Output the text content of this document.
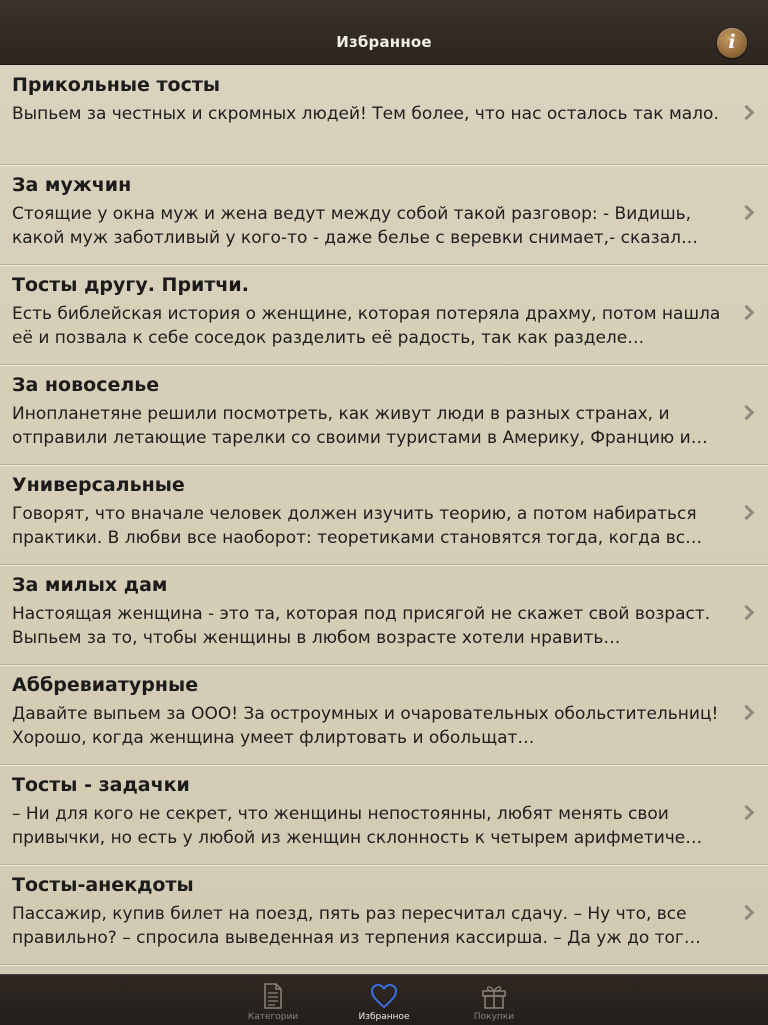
Избранное	i
Прикольные тосты
Выпьем за честных и скромных людей! Тем более, что нас осталось так мало.
За мужчин
Стоящие у окна муж и жена ведут между собой такой разговор: - Видишь, какой муж заботливый у кого-то - даже белье с веревки снимает,- сказал…
Тосты другу. Притчи.
Есть библейская история о женщине, которая потеряла драхму, потом нашла её и позвала к себе соседок разделить её радость, так как разделе…
За новоселье
Инопланетяне решили посмотреть, как живут люди в разных странах, и отправили летающие тарелки со своими туристами в Америку, Францию и…
Универсальные
Говорят, что вначале человек должен изучить теорию, а потом набираться практики. В любви все наоборот: теоретиками становятся тогда, когда вс…
За милых дам
Настоящая женщина - это та, которая под присягой не скажет свой возраст. Выпьем за то, чтобы женщины в любом возрасте хотели нравить…
Аббревиатурные
Давайте выпьем за ООО! За остроумных и очаровательных обольстительниц! Хорошо, когда женщина умеет флиртовать и обольщат…
Тосты - задачки
– Ни для кого не секрет, что женщины непостоянны, любят менять свои привычки, но есть у любой из женщин склонность к четырем арифметиче…
Тосты-анекдоты
Пассажир, купив билет на поезд, пять раз пересчитал сдачу. – Ну что, все правильно? – спросила выведенная из терпения кассирша. – Да уж до тог…
Категории	Избранное	Покупки
